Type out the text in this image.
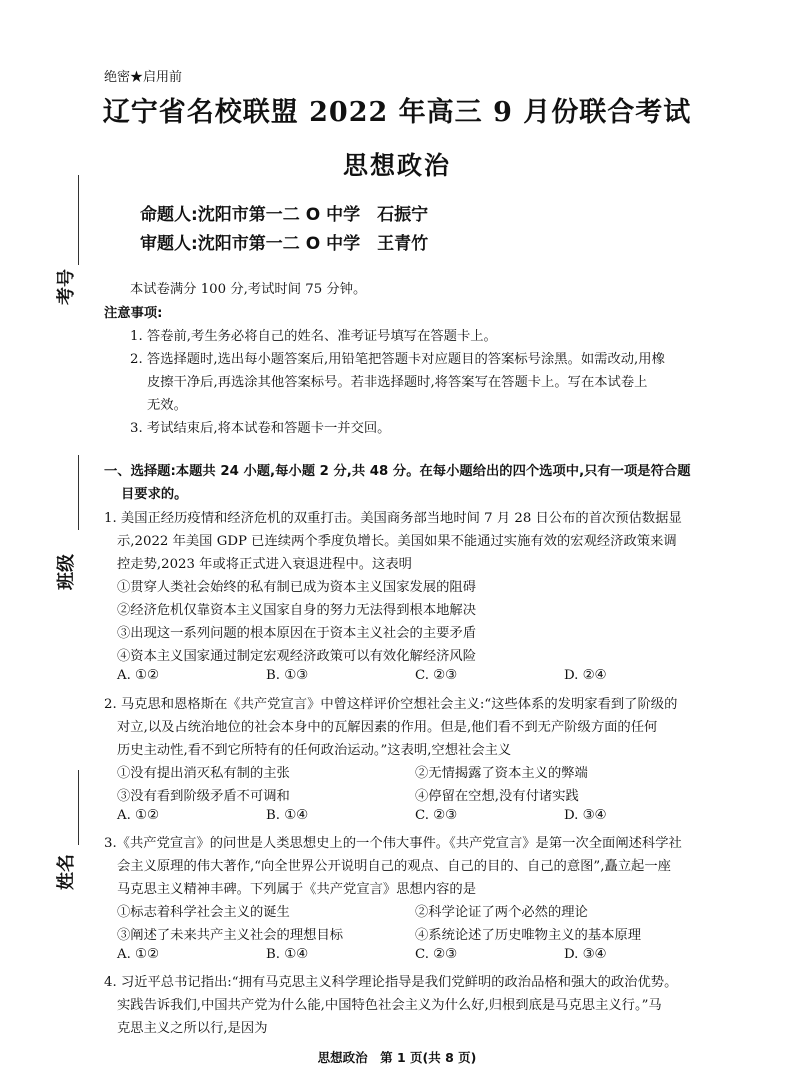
考号
班级
姓名
绝密★启用前
辽宁省名校联盟 2022 年高三 9 月份联合考试
思想政治
命题人:沈阳市第一二 O 中学　石振宁
审题人:沈阳市第一二 O 中学　王青竹
本试卷满分 100 分,考试时间 75 分钟。
注意事项:
1. 答卷前,考生务必将自己的姓名、准考证号填写在答题卡上。
2. 答选择题时,选出每小题答案后,用铅笔把答题卡对应题目的答案标号涂黑。如需改动,用橡
皮擦干净后,再选涂其他答案标号。若非选择题时,将答案写在答题卡上。写在本试卷上
无效。
3. 考试结束后,将本试卷和答题卡一并交回。
一、选择题:本题共 24 小题,每小题 2 分,共 48 分。在每小题给出的四个选项中,只有一项是符合题
目要求的。
1. 美国正经历疫情和经济危机的双重打击。美国商务部当地时间 7 月 28 日公布的首次预估数据显
示,2022 年美国 GDP 已连续两个季度负增长。美国如果不能通过实施有效的宏观经济政策来调
控走势,2023 年或将正式进入衰退进程中。这表明
①贯穿人类社会始终的私有制已成为资本主义国家发展的阻碍
②经济危机仅靠资本主义国家自身的努力无法得到根本地解决
③出现这一系列问题的根本原因在于资本主义社会的主要矛盾
④资本主义国家通过制定宏观经济政策可以有效化解经济风险
A. ①②	B. ①③	C. ②③	D. ②④
2. 马克思和恩格斯在《共产党宣言》中曾这样评价空想社会主义:“这些体系的发明家看到了阶级的
对立,以及占统治地位的社会本身中的瓦解因素的作用。但是,他们看不到无产阶级方面的任何
历史主动性,看不到它所特有的任何政治运动。”这表明,空想社会主义
①没有提出消灭私有制的主张	②无情揭露了资本主义的弊端
③没有看到阶级矛盾不可调和	④停留在空想,没有付诸实践
A. ①②	B. ①④	C. ②③	D. ③④
3.《共产党宣言》的问世是人类思想史上的一个伟大事件。《共产党宣言》是第一次全面阐述科学社
会主义原理的伟大著作,“向全世界公开说明自己的观点、自己的目的、自己的意图”,矗立起一座
马克思主义精神丰碑。下列属于《共产党宣言》思想内容的是
①标志着科学社会主义的诞生	②科学论证了两个必然的理论
③阐述了未来共产主义社会的理想目标	④系统论述了历史唯物主义的基本原理
A. ①②	B. ①④	C. ②③	D. ③④
4. 习近平总书记指出:“拥有马克思主义科学理论指导是我们党鲜明的政治品格和强大的政治优势。
实践告诉我们,中国共产党为什么能,中国特色社会主义为什么好,归根到底是马克思主义行。”马
克思主义之所以行,是因为
思想政治　第 1 页(共 8 页)
